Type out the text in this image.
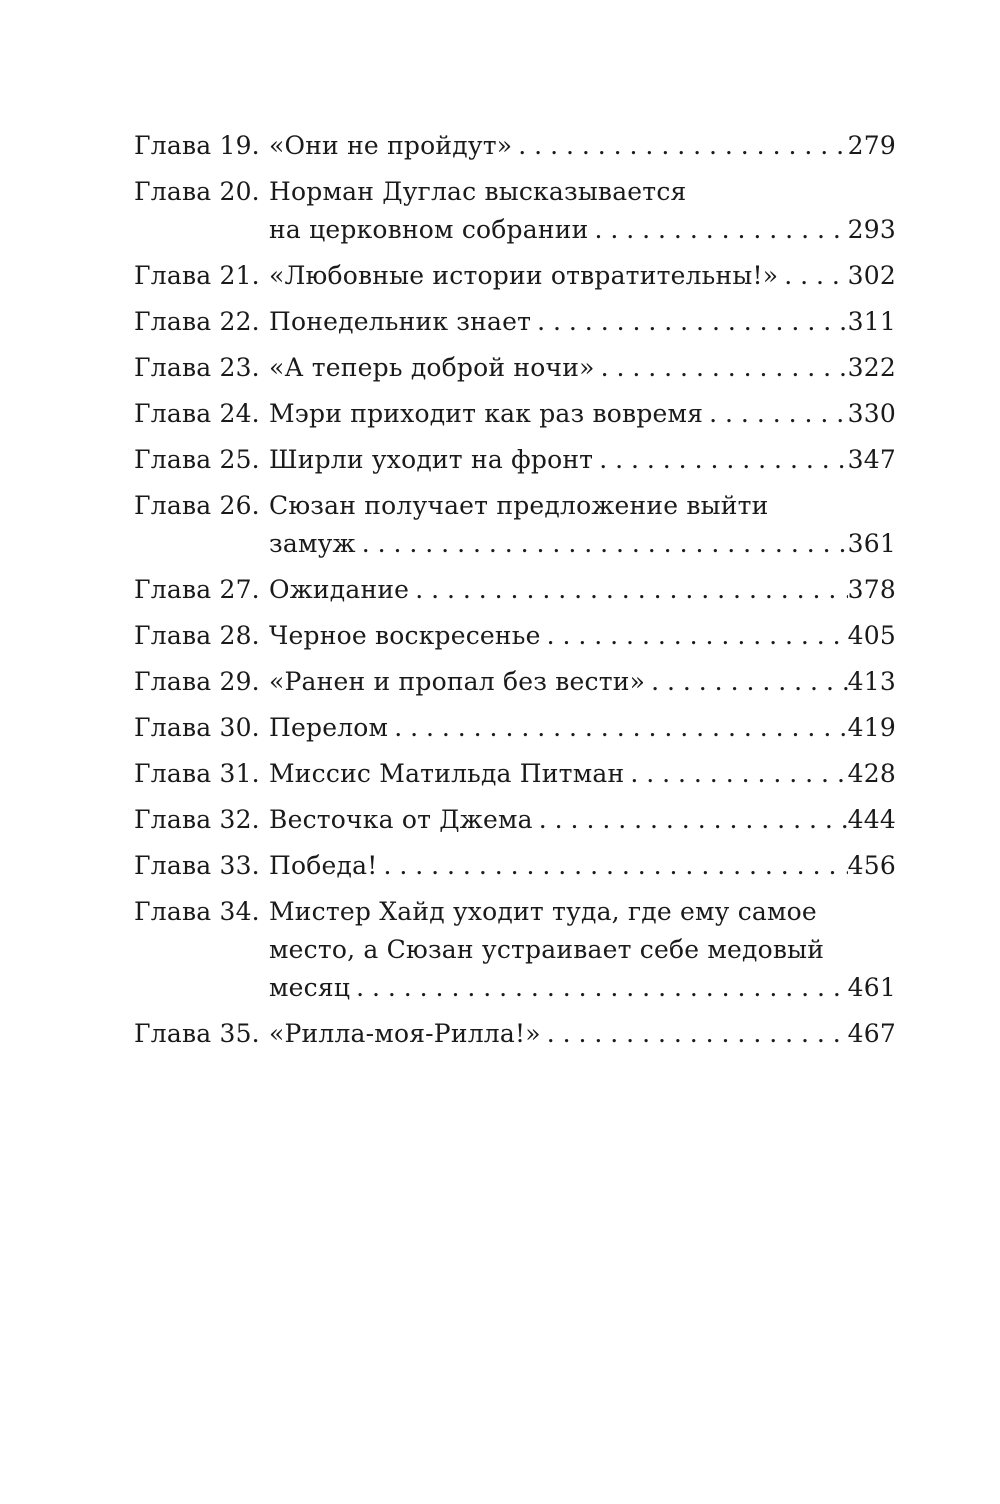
Глава 19. «Они не пройдут» . . .	279
Глава 20. Норман Дуглас высказывается
на церковном собрании . . .	293
Глава 21. «Любовные истории отвратительны!» . . .	302
Глава 22. Понедельник знает . . .	311
Глава 23. «А теперь доброй ночи» . . .	322
Глава 24. Мэри приходит как раз вовремя . . .	330
Глава 25. Ширли уходит на фронт . . .	347
Глава 26. Сюзан получает предложение выйти
замуж . . .	361
Глава 27. Ожидание . . .	378
Глава 28. Черное воскресенье . . .	405
Глава 29. «Ранен и пропал без вести» . . .	413
Глава 30. Перелом . . .	419
Глава 31. Миссис Матильда Питман . . .	428
Глава 32. Весточка от Джема . . .	444
Глава 33. Победа! . . .	456
Глава 34. Мистер Хайд уходит туда, где ему самое
место, а Сюзан устраивает себе медовый
месяц . . .	461
Глава 35. «Рилла-моя-Рилла!» . . .	467
